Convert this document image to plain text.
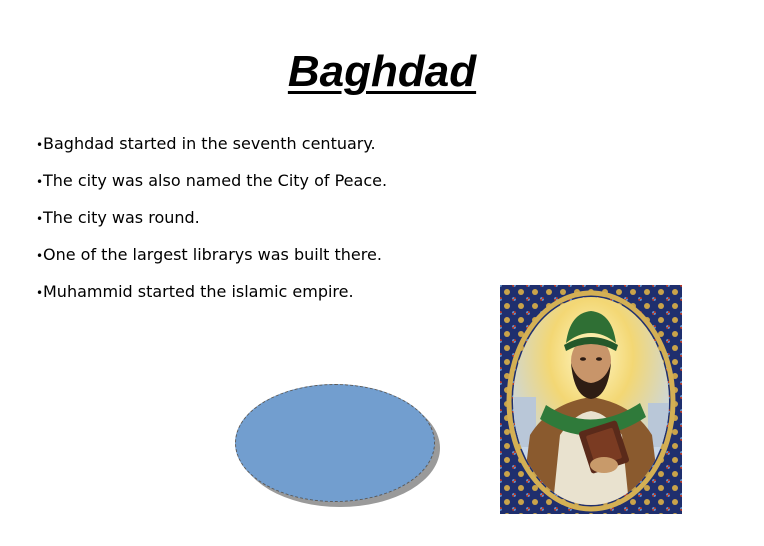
Baghdad
• Baghdad started in the seventh centuary.
• The city was also named the City of Peace.
• The city was round.
• One of the largest librarys was built there.
• Muhammid started the islamic empire.
